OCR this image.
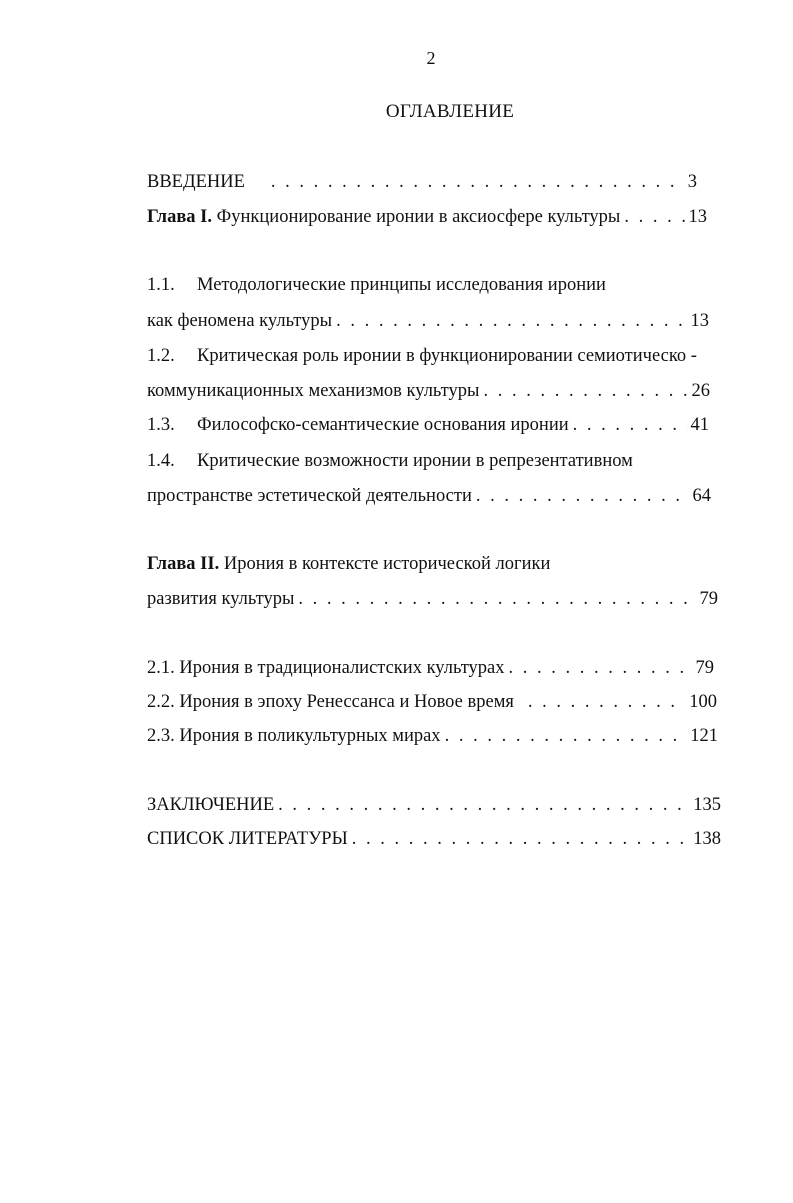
2
ОГЛАВЛЕНИЕ
ВВЕДЕНИЕ . . .	3
Глава I. Функционирование иронии в аксиосфере культуры . . .	13
1.1. Методологические принципы исследования иронии
как феномена культуры . . .	13
1.2. Критическая роль иронии в функционировании семиотическо -
коммуникационных механизмов культуры . . .	26
1.3. Философско-семантические основания иронии . . .	41
1.4. Критические возможности иронии в репрезентативном
пространстве эстетической деятельности . . .	64
Глава II. Ирония в контексте исторической логики
развития культуры . . .	79
2.1. Ирония в традиционалистских культурах . . .	79
2.2. Ирония в эпоху Ренессанса и Новое время . . .	100
2.3. Ирония в поликультурных мирах . . .	121
ЗАКЛЮЧЕНИЕ . . .	135
СПИСОК ЛИТЕРАТУРЫ . . .	138
